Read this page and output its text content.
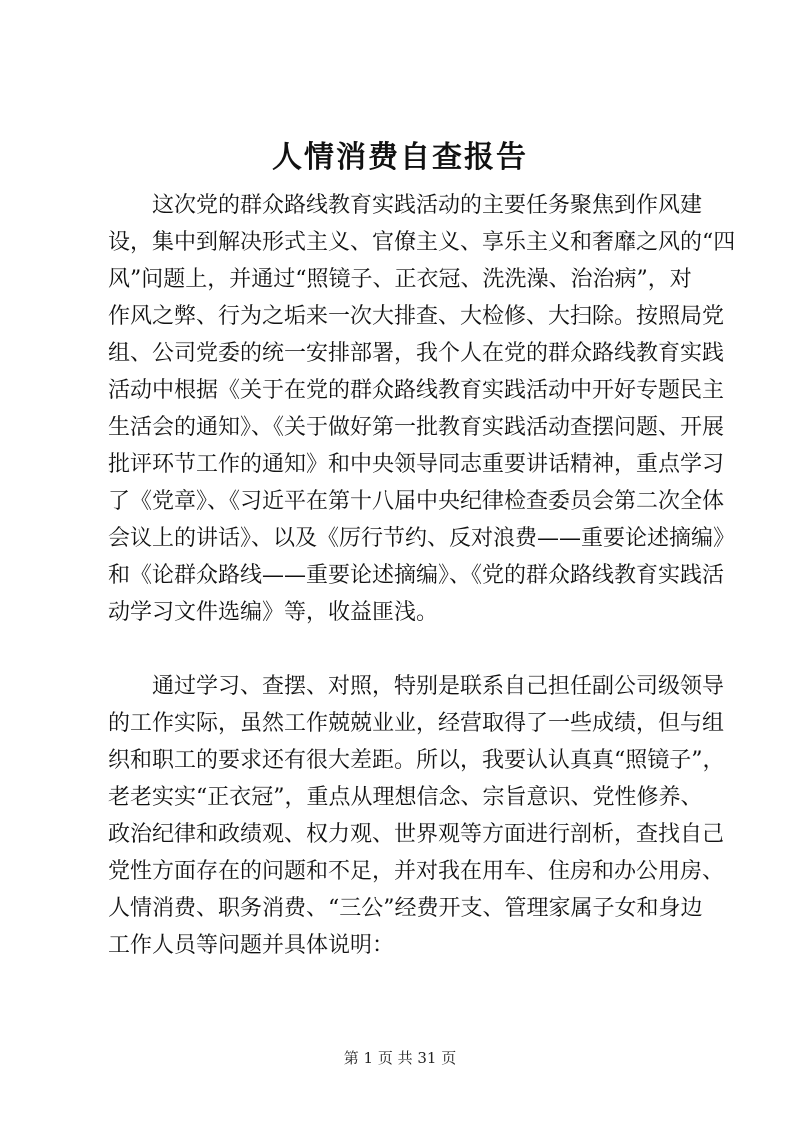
人情消费自查报告
这次党的群众路线教育实践活动的主要任务聚焦到作风建
设，集中到解决形式主义、官僚主义、享乐主义和奢靡之风的“四
风”问题上，并通过“照镜子、正衣冠、洗洗澡、治治病”，对
作风之弊、行为之垢来一次大排查、大检修、大扫除。按照局党
组、公司党委的统一安排部署，我个人在党的群众路线教育实践
活动中根据《关于在党的群众路线教育实践活动中开好专题民主
生活会的通知》、《关于做好第一批教育实践活动查摆问题、开展
批评环节工作的通知》和中央领导同志重要讲话精神，重点学习
了《党章》、《习近平在第十八届中央纪律检查委员会第二次全体
会议上的讲话》、以及《厉行节约、反对浪费——重要论述摘编》
和《论群众路线——重要论述摘编》、《党的群众路线教育实践活
动学习文件选编》等，收益匪浅。
通过学习、查摆、对照，特别是联系自己担任副公司级领导
的工作实际，虽然工作兢兢业业，经营取得了一些成绩，但与组
织和职工的要求还有很大差距。所以，我要认认真真“照镜子”，
老老实实“正衣冠”，重点从理想信念、宗旨意识、党性修养、
政治纪律和政绩观、权力观、世界观等方面进行剖析，查找自己
党性方面存在的问题和不足，并对我在用车、住房和办公用房、
人情消费、职务消费、“三公”经费开支、管理家属子女和身边
工作人员等问题并具体说明：
第 1 页 共 31 页
